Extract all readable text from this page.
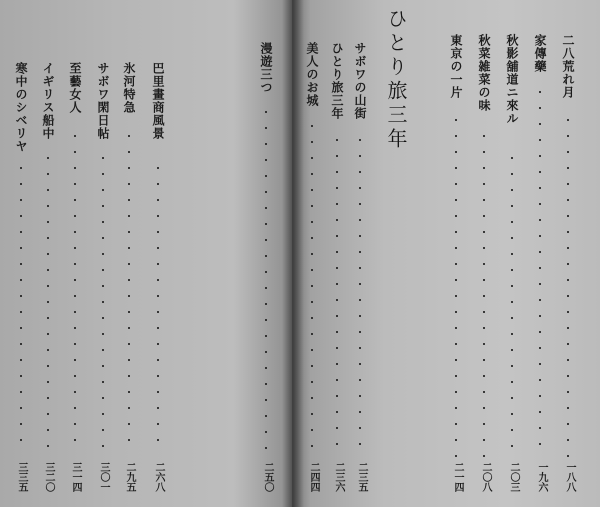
巴里畫商風景
二六八
氷河特急
二九五
サボワ閑日帖
三〇一
至藝女人
三一四
イギリス船中
三二〇
寒中のシベリヤ
三三五
二八荒れ月
一八八
家傳藥
一九六
秋影舖道ニ來ル
二〇三
秋菜雑菜の味
二〇八
東京の一片
二一四
ひとり旅三年
サボワの山街
二三五
ひとり旅三年
二三六
美人のお城
二四四
漫遊三つ
二五〇
